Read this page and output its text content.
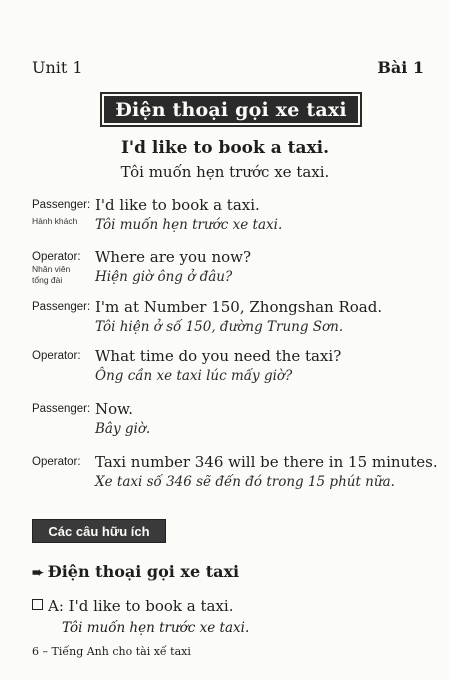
Unit 1	Bài 1
Điện thoại gọi xe taxi
I'd like to book a taxi.
Tôi muốn hẹn trước xe taxi.
Passenger:
Hành khách
I'd like to book a taxi.
Tôi muốn hẹn trước xe taxi.
Operator:
Nhân viên tổng đài
Where are you now?
Hiện giờ ông ở đâu?
Passenger: I'm at Number 150, Zhongshan Road.
Tôi hiện ở số 150, đường Trung Sơn.
Operator: What time do you need the taxi?
Ông cần xe taxi lúc mấy giờ?
Passenger: Now.
Bây giờ.
Operator: Taxi number 346 will be there in 15 minutes.
Xe taxi số 346 sẽ đến đó trong 15 phút nữa.
Các câu hữu ích
➨ Điện thoại gọi xe taxi
A: I'd like to book a taxi.
Tôi muốn hẹn trước xe taxi.
6 – Tiếng Anh cho tài xế taxi
